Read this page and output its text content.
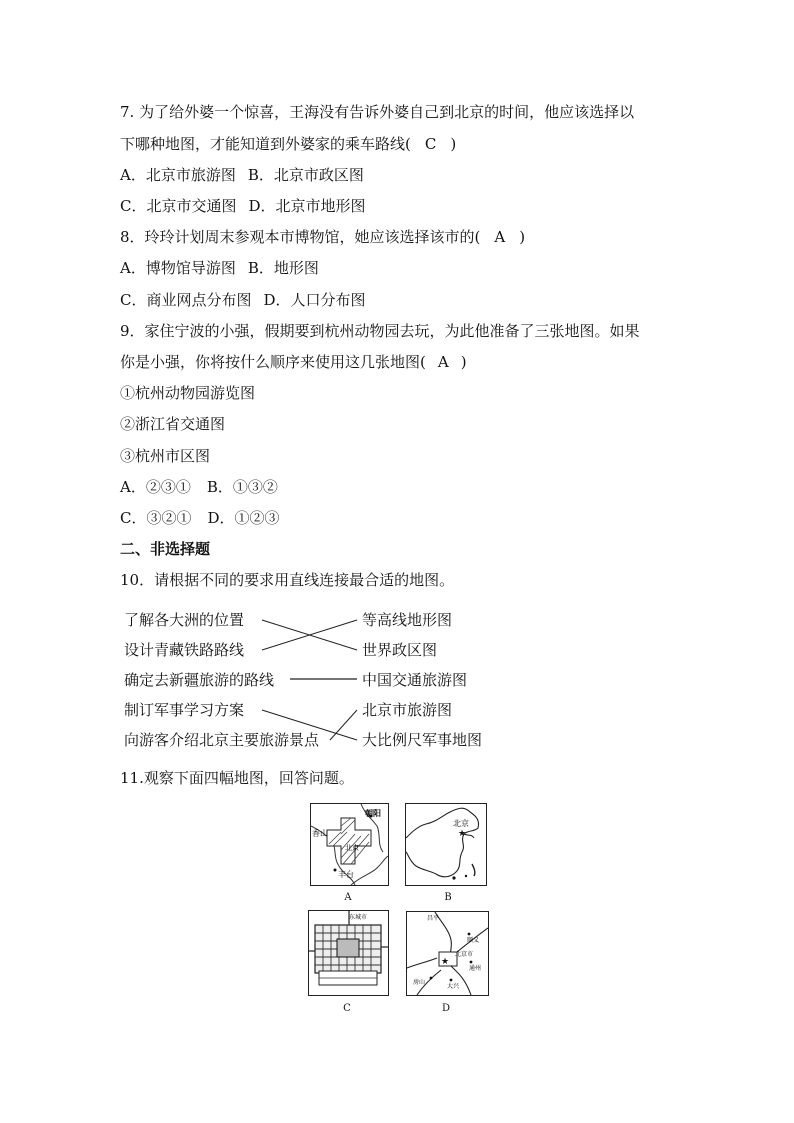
7. 为了给外婆一个惊喜，王海没有告诉外婆自己到北京的时间，他应该选择以
下哪种地图，才能知道到外婆家的乘车路线( C )
A．北京市旅游图 B．北京市政区图
C．北京市交通图 D．北京市地形图
8．玲玲计划周末参观本市博物馆，她应该选择该市的( A )
A．博物馆导游图 B．地形图
C．商业网点分布图 D．人口分布图
9．家住宁波的小强，假期要到杭州动物园去玩，为此他准备了三张地图。如果
你是小强，你将按什么顺序来使用这几张地图( A )
①杭州动物园游览图
②浙江省交通图
③杭州市区图
A．②③① B．①③②
C．③②① D．①②③
二、非选择题
10．请根据不同的要求用直线连接最合适的地图。
了解各大洲的位置
设计青藏铁路路线
确定去新疆旅游的路线
制订军事学习方案
向游客介绍北京主要旅游景点
等高线地形图
世界政区图
中国交通旅游图
北京市旅游图
大比例尺军事地图
11.观察下面四幅地图，回答问题。
香山
朝阳
北京
丰台
A
★
北京
B
东城市
C
★
昌平
顺义
北京市
通州
房山
大兴
D
